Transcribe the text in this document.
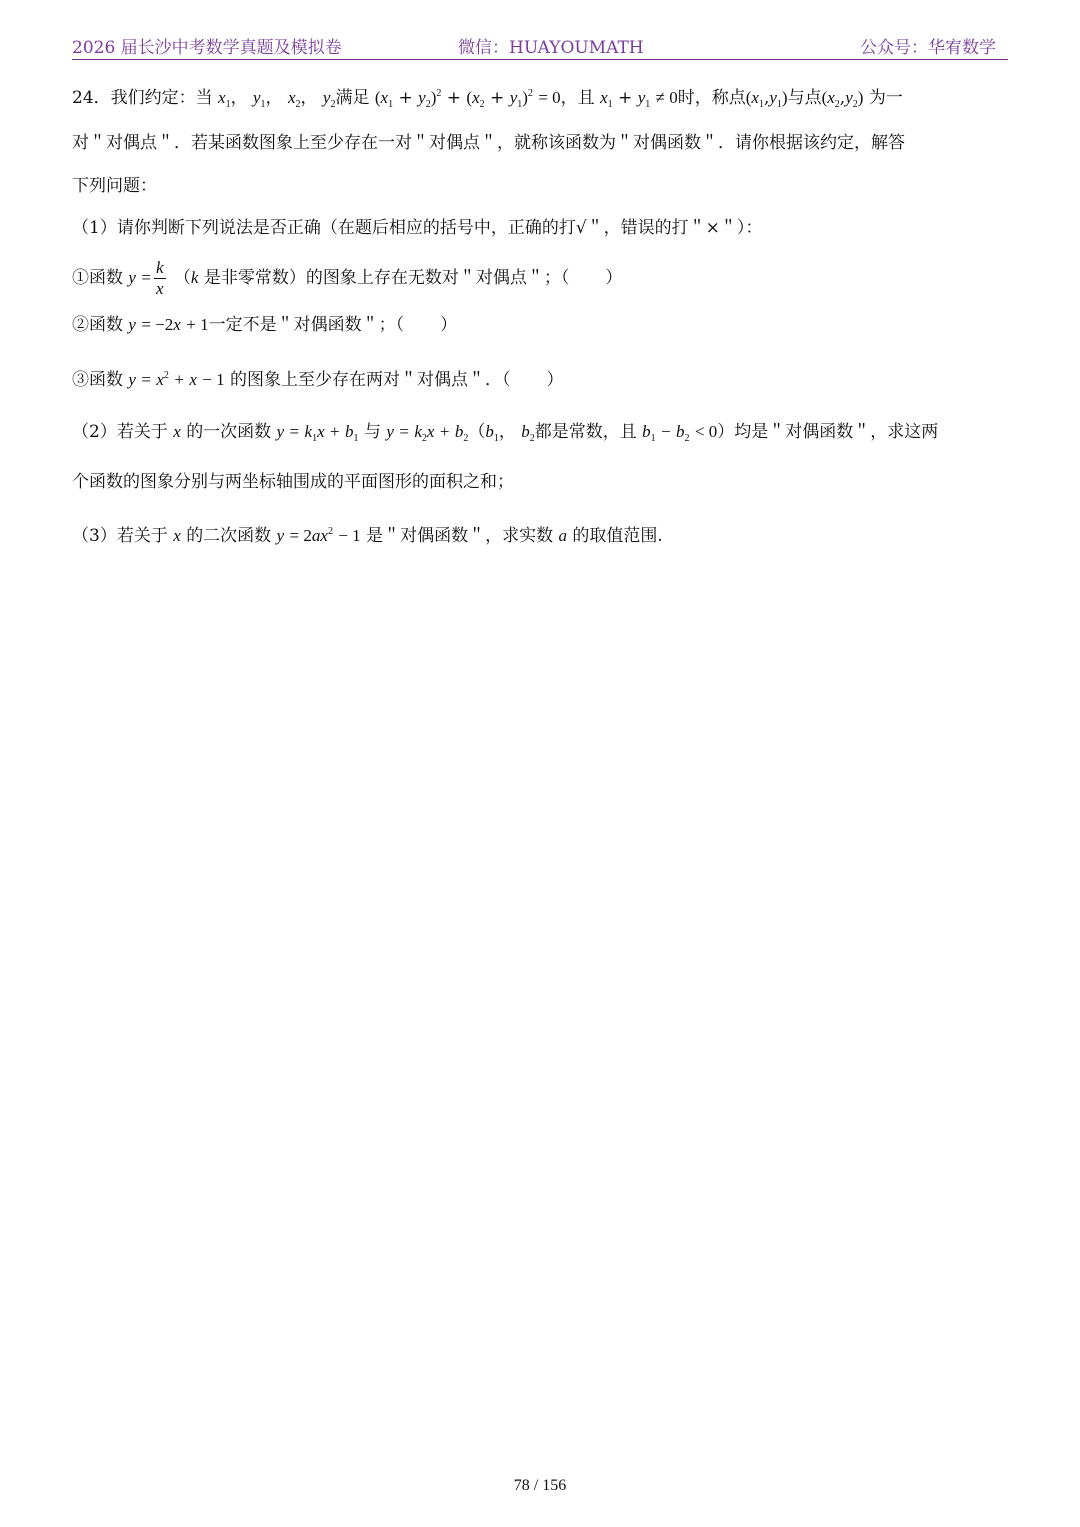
2026 届长沙中考数学真题及模拟卷	微信：HUAYOUMATH	公众号：华宥数学
24．我们约定：当 $x_1$， $y_1$， $x_2$， $y_2$满足 $(x_1 + y_2)^2 + (x_2 + y_1)^2 = 0$，且 $x_1 + y_1 \ne 0$时，称点$(x_1,y_1)$与点$(x_2,y_2)$ 为一
对＂对偶点＂．若某函数图象上至少存在一对＂对偶点＂，就称该函数为＂对偶函数＂．请你根据该约定，解答
下列问题：
（1）请你判断下列说法是否正确（在题后相应的括号中，正确的打√＂，错误的打＂×＂）：
①函数 $y = \frac{k}{x} (k$ 是非零常数）的图象上存在无数对＂对偶点＂；（ ）
②函数 y = −2x + 1一定不是＂对偶函数＂；（ ）
③函数 $y = x^2 + x - 1$ 的图象上至少存在两对＂对偶点＂．（ ）
（2）若关于 x 的一次函数 $y = k_1x + b_1$ 与 $y = k_2x + b_2(b_1$， $b_2$都是常数，且 $b_1 - b_2 < 0$）均是＂对偶函数＂，求这两
个函数的图象分别与两坐标轴围成的平面图形的面积之和；
（3）若关于 x 的二次函数 $y = 2ax^2 - 1$ 是＂对偶函数＂，求实数 a 的取值范围.
78 / 156
